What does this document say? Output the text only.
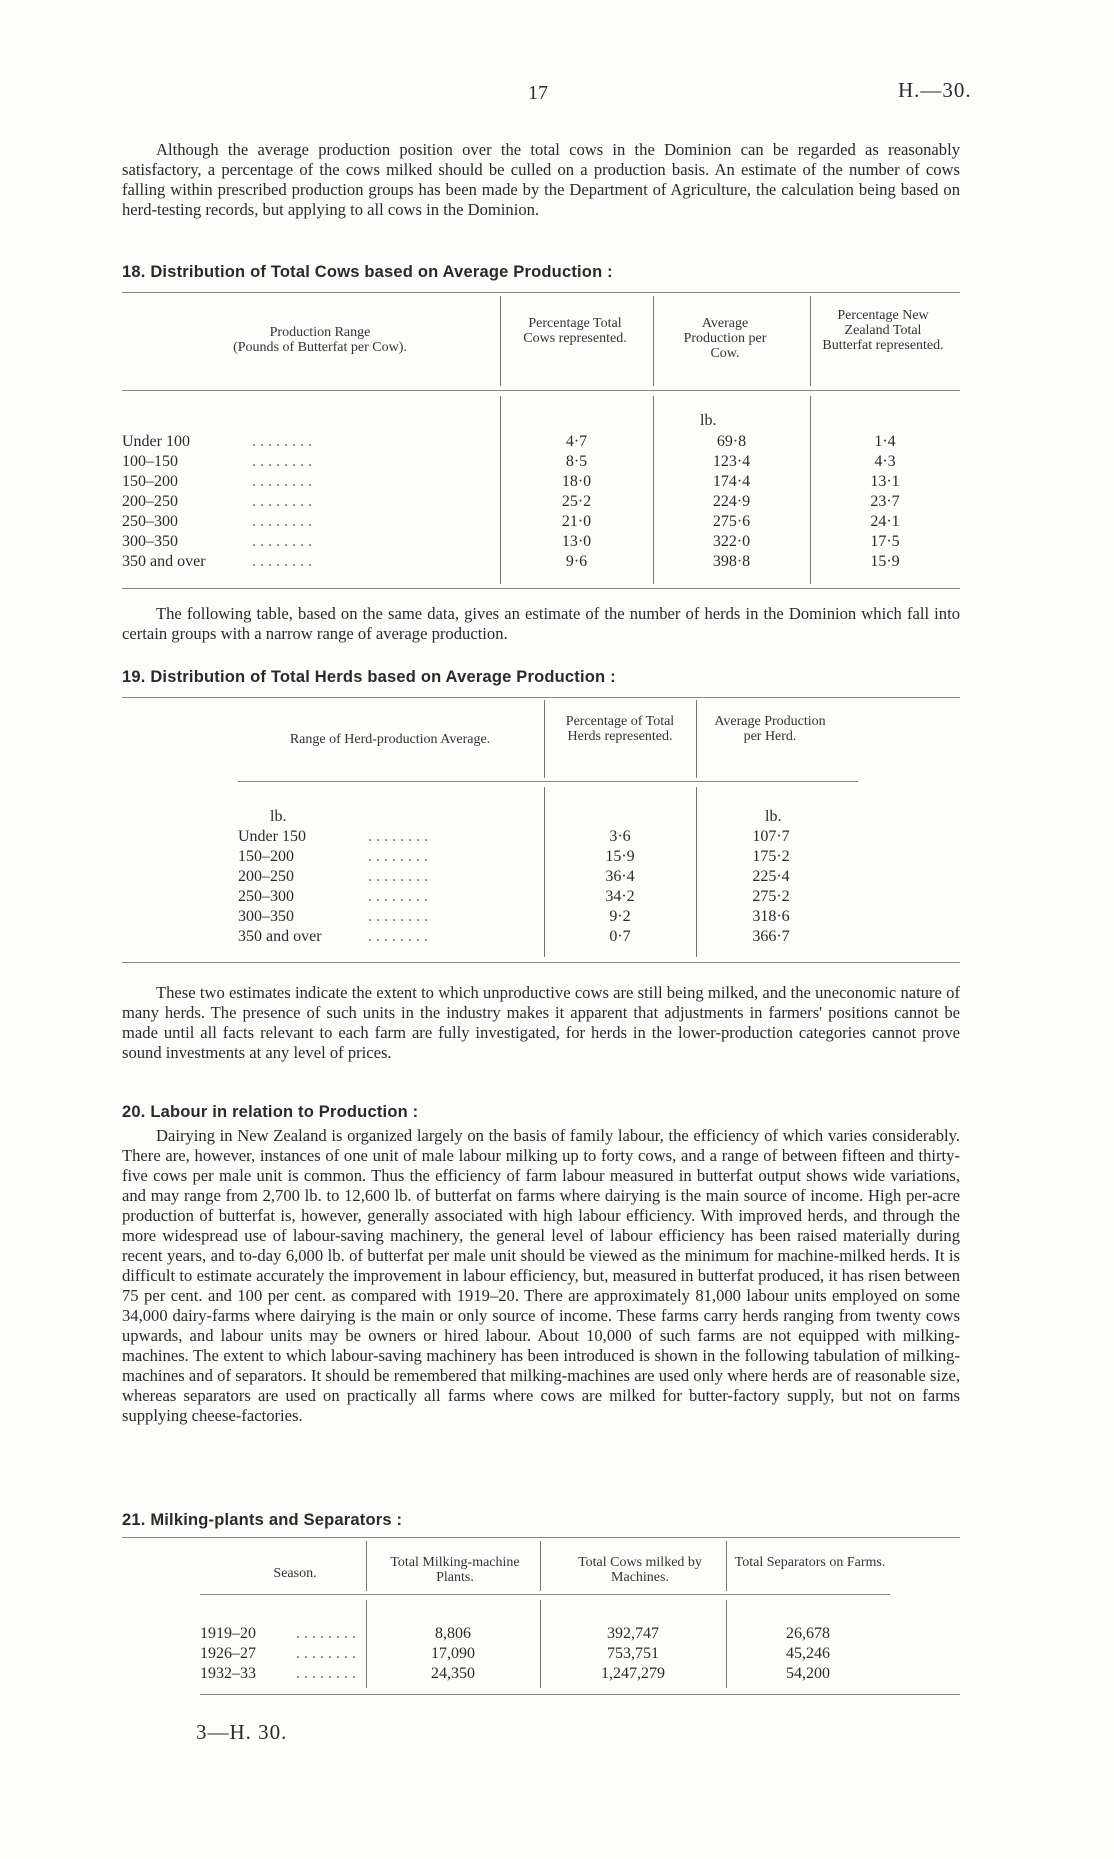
17	H.—30.

Although the average production position over the total cows in the Dominion can be regarded as reasonably satisfactory, a percentage of the cows milked should be culled on a production basis. An estimate of the number of cows falling within prescribed production groups has been made by the Department of Agriculture, the calculation being based on herd-testing records, but applying to all cows in the Dominion.

18. Distribution of Total Cows based on Average Production :
Production Range
(Pounds of Butterfat per Cow).
Percentage Total Cows represented.
Average Production per Cow.
Percentage New Zealand Total Butterfat represented.
lb.
Under 100	. . . . . . . .	4·7	69·8	1·4
100–150	. . . . . . . .	8·5	123·4	4·3
150–200	. . . . . . . .	18·0	174·4	13·1
200–250	. . . . . . . .	25·2	224·9	23·7
250–300	. . . . . . . .	21·0	275·6	24·1
300–350	. . . . . . . .	13·0	322·0	17·5
350 and over	. . . . . . . .	9·6	398·8	15·9

The following table, based on the same data, gives an estimate of the number of herds in the Dominion which fall into certain groups with a narrow range of average production.

19. Distribution of Total Herds based on Average Production :
Range of Herd-production Average.
Percentage of Total Herds represented.
Average Production per Herd.
lb.	lb.
Under 150	. . . . . . . .	3·6	107·7
150–200	. . . . . . . .	15·9	175·2
200–250	. . . . . . . .	36·4	225·4
250–300	. . . . . . . .	34·2	275·2
300–350	. . . . . . . .	9·2	318·6
350 and over	. . . . . . . .	0·7	366·7

These two estimates indicate the extent to which unproductive cows are still being milked, and the uneconomic nature of many herds. The presence of such units in the industry makes it apparent that adjustments in farmers' positions cannot be made until all facts relevant to each farm are fully investigated, for herds in the lower-production categories cannot prove sound investments at any level of prices.

20. Labour in relation to Production :

Dairying in New Zealand is organized largely on the basis of family labour, the efficiency of which varies considerably. There are, however, instances of one unit of male labour milking up to forty cows, and a range of between fifteen and thirty-five cows per male unit is common. Thus the efficiency of farm labour measured in butterfat output shows wide variations, and may range from 2,700 lb. to 12,600 lb. of butterfat on farms where dairying is the main source of income. High per-acre production of butterfat is, however, generally associated with high labour efficiency. With improved herds, and through the more widespread use of labour-saving machinery, the general level of labour efficiency has been raised materially during recent years, and to-day 6,000 lb. of butterfat per male unit should be viewed as the minimum for machine-milked herds. It is difficult to estimate accurately the improvement in labour efficiency, but, measured in butterfat produced, it has risen between 75 per cent. and 100 per cent. as compared with 1919–20. There are approximately 81,000 labour units employed on some 34,000 dairy-farms where dairying is the main or only source of income. These farms carry herds ranging from twenty cows upwards, and labour units may be owners or hired labour. About 10,000 of such farms are not equipped with milking-machines. The extent to which labour-saving machinery has been introduced is shown in the following tabulation of milking-machines and of separators. It should be remembered that milking-machines are used only where herds are of reasonable size, whereas separators are used on practically all farms where cows are milked for butter-factory supply, but not on farms supplying cheese-factories.

21. Milking-plants and Separators :
Season.
Total Milking-machine Plants.
Total Cows milked by Machines.
Total Separators on Farms.
1919–20	. . . . . . . .	8,806	392,747	26,678
1926–27	. . . . . . . .	17,090	753,751	45,246
1932–33	. . . . . . . .	24,350	1,247,279	54,200
3—H. 30.
